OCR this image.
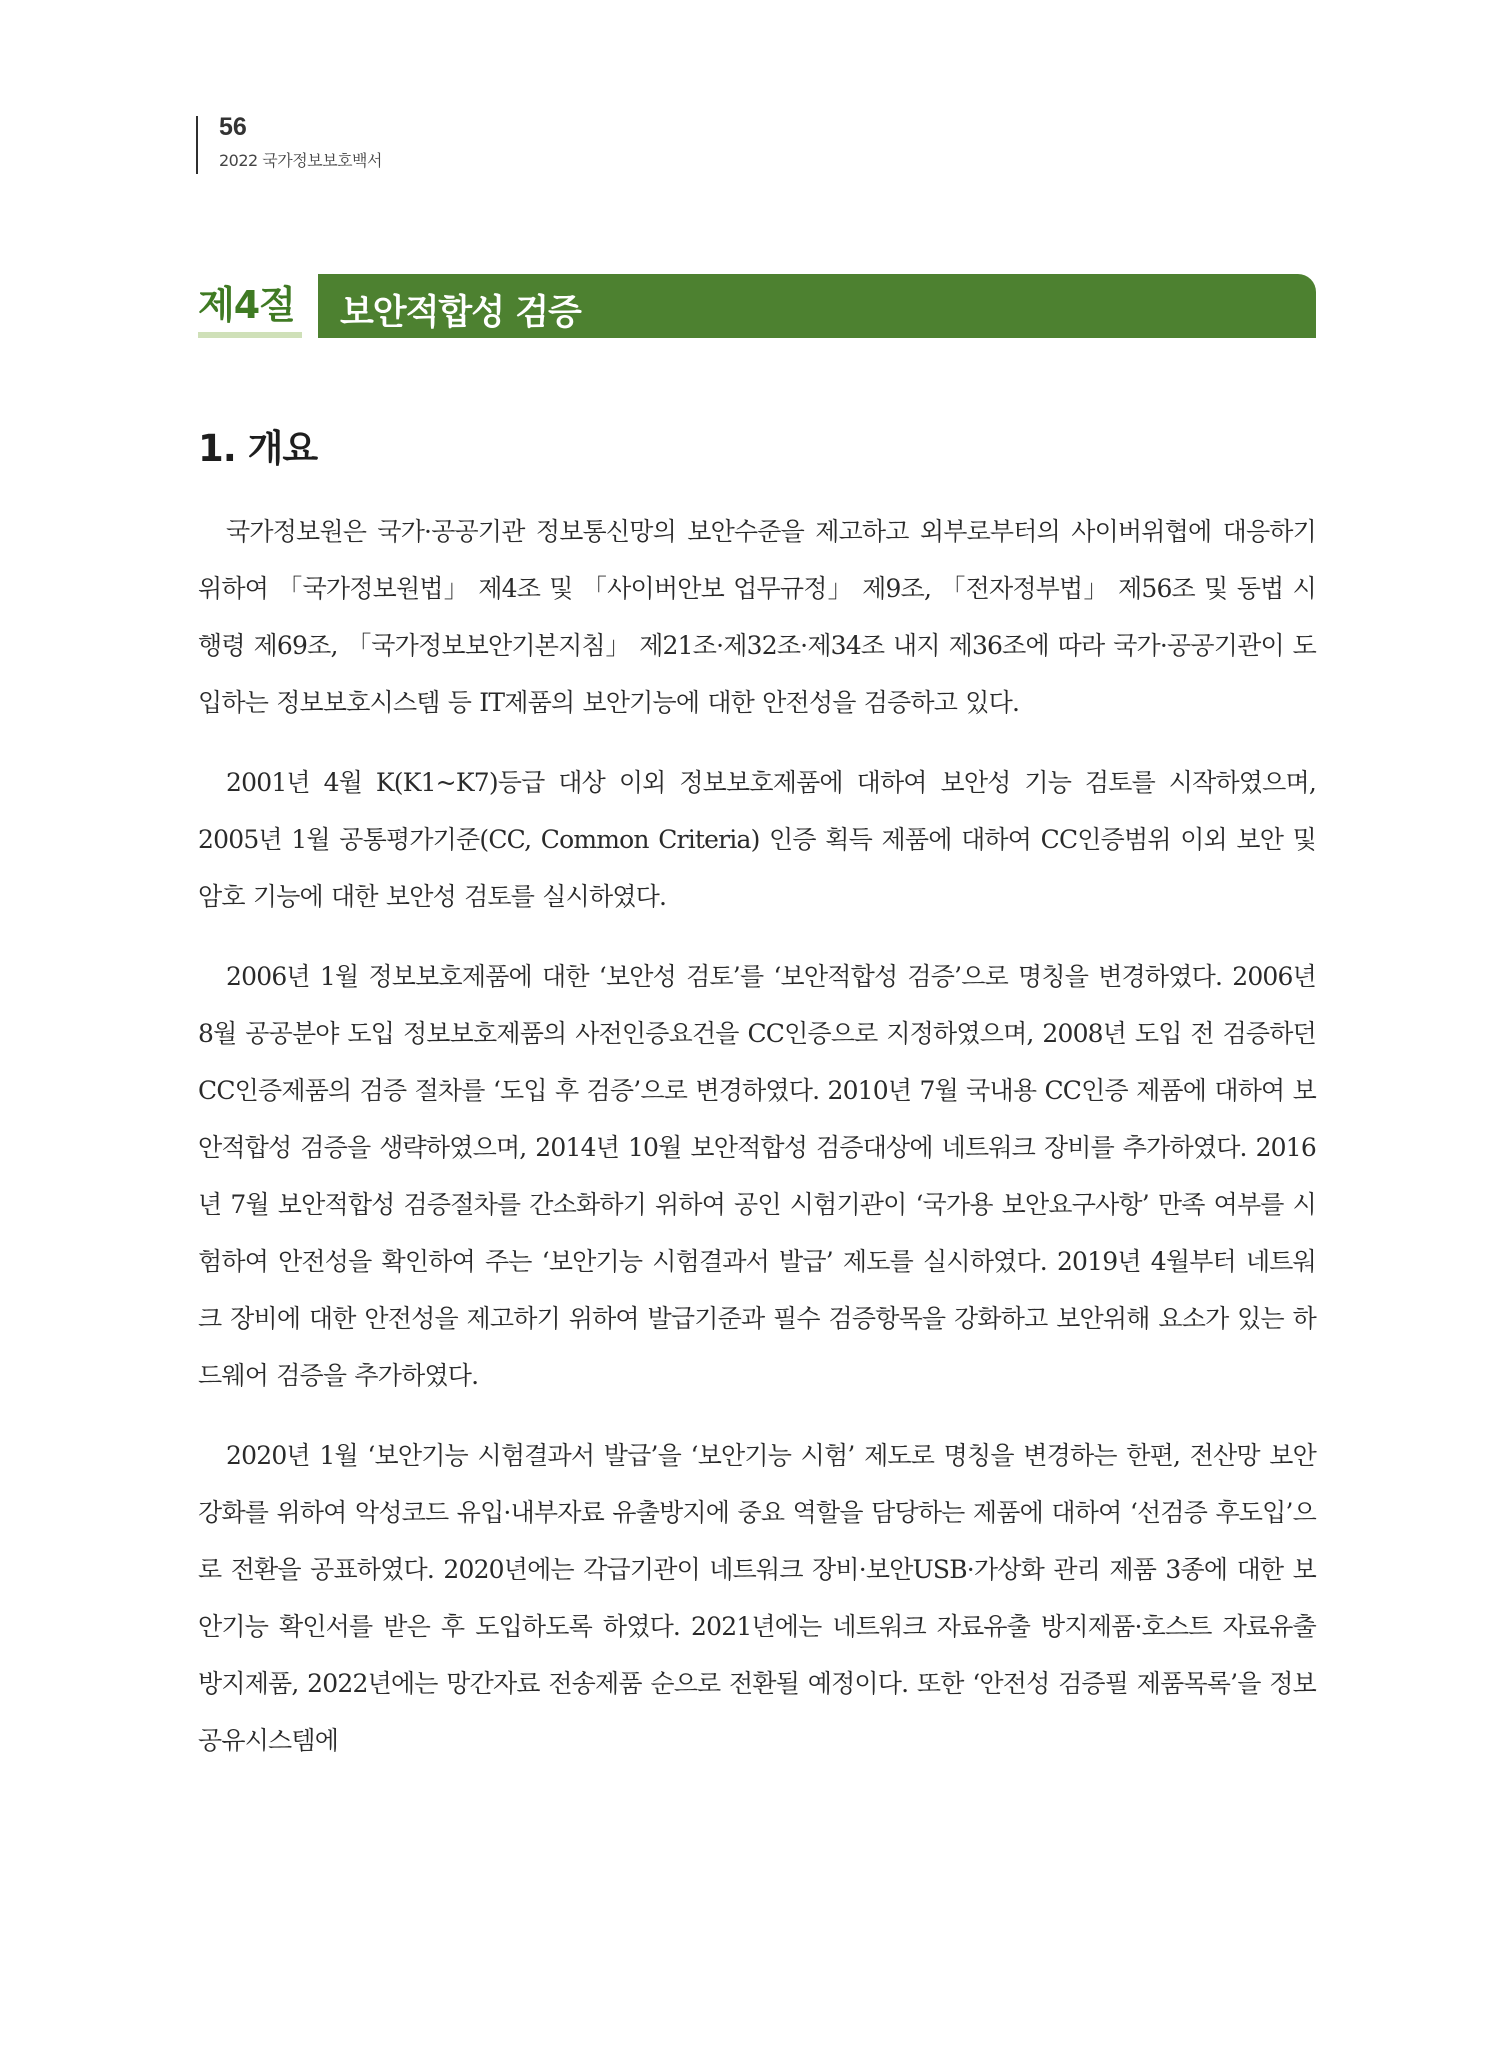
56
2022 국가정보보호백서
제4절 보안적합성 검증
1. 개요

국가정보원은 국가·공공기관 정보통신망의 보안수준을 제고하고 외부로부터의 사이버위협에 대응하기 위하여 「국가정보원법」 제4조 및 「사이버안보 업무규정」 제9조, 「전자정부법」 제56조 및 동법 시행령 제69조, 「국가정보보안기본지침」 제21조·제32조·제34조 내지 제36조에 따라 국가·공공기관이 도입하는 정보보호시스템 등 IT제품의 보안기능에 대한 안전성을 검증하고 있다.

2001년 4월 K(K1~K7)등급 대상 이외 정보보호제품에 대하여 보안성 기능 검토를 시작하였으며, 2005년 1월 공통평가기준(CC, Common Criteria) 인증 획득 제품에 대하여 CC인증범위 이외 보안 및 암호 기능에 대한 보안성 검토를 실시하였다.

2006년 1월 정보보호제품에 대한 ‘보안성 검토’를 ‘보안적합성 검증’으로 명칭을 변경하였다. 2006년 8월 공공분야 도입 정보보호제품의 사전인증요건을 CC인증으로 지정하였으며, 2008년 도입 전 검증하던 CC인증제품의 검증 절차를 ‘도입 후 검증’으로 변경하였다. 2010년 7월 국내용 CC인증 제품에 대하여 보안적합성 검증을 생략하였으며, 2014년 10월 보안적합성 검증대상에 네트워크 장비를 추가하였다. 2016년 7월 보안적합성 검증절차를 간소화하기 위하여 공인 시험기관이 ‘국가용 보안요구사항’ 만족 여부를 시험하여 안전성을 확인하여 주는 ‘보안기능 시험결과서 발급’ 제도를 실시하였다. 2019년 4월부터 네트워크 장비에 대한 안전성을 제고하기 위하여 발급기준과 필수 검증항목을 강화하고 보안위해 요소가 있는 하드웨어 검증을 추가하였다.

2020년 1월 ‘보안기능 시험결과서 발급’을 ‘보안기능 시험’ 제도로 명칭을 변경하는 한편, 전산망 보안강화를 위하여 악성코드 유입·내부자료 유출방지에 중요 역할을 담당하는 제품에 대하여 ‘선검증 후도입’으로 전환을 공표하였다. 2020년에는 각급기관이 네트워크 장비·보안USB·가상화 관리 제품 3종에 대한 보안기능 확인서를 받은 후 도입하도록 하였다. 2021년에는 네트워크 자료유출 방지제품·호스트 자료유출 방지제품, 2022년에는 망간자료 전송제품 순으로 전환될 예정이다. 또한 ‘안전성 검증필 제품목록’을 정보공유시스템에
